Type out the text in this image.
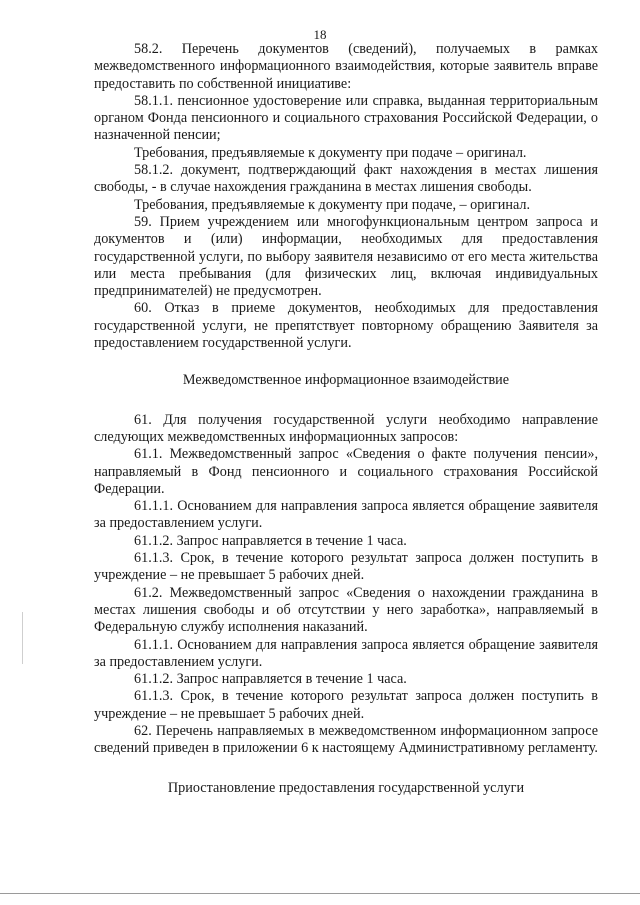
18

58.2. Перечень документов (сведений), получаемых в рамках межведомственного информационного взаимодействия, которые заявитель вправе предоставить по собственной инициативе:

58.1.1. пенсионное удостоверение или справка, выданная территориальным органом Фонда пенсионного и социального страхования Российской Федерации, о назначенной пенсии;

Требования, предъявляемые к документу при подаче – оригинал.

58.1.2. документ, подтверждающий факт нахождения в местах лишения свободы, - в случае нахождения гражданина в местах лишения свободы.

Требования, предъявляемые к документу при подаче, – оригинал.

59. Прием учреждением или многофункциональным центром запроса и документов и (или) информации, необходимых для предоставления государственной услуги, по выбору заявителя независимо от его места жительства или места пребывания (для физических лиц, включая индивидуальных предпринимателей) не предусмотрен.

60. Отказ в приеме документов, необходимых для предоставления государственной услуги, не препятствует повторному обращению Заявителя за предоставлением государственной услуги.

Межведомственное информационное взаимодействие

61. Для получения государственной услуги необходимо направление следующих межведомственных информационных запросов:

61.1. Межведомственный запрос «Сведения о факте получения пенсии», направляемый в Фонд пенсионного и социального страхования Российской Федерации.

61.1.1. Основанием для направления запроса является обращение заявителя за предоставлением услуги.

61.1.2. Запрос направляется в течение 1 часа.

61.1.3. Срок, в течение которого результат запроса должен поступить в учреждение – не превышает 5 рабочих дней.

61.2. Межведомственный запрос «Сведения о нахождении гражданина в местах лишения свободы и об отсутствии у него заработка», направляемый в Федеральную службу исполнения наказаний.

61.1.1. Основанием для направления запроса является обращение заявителя за предоставлением услуги.

61.1.2. Запрос направляется в течение 1 часа.

61.1.3. Срок, в течение которого результат запроса должен поступить в учреждение – не превышает 5 рабочих дней.

62. Перечень направляемых в межведомственном информационном запросе сведений приведен в приложении 6 к настоящему Административному регламенту.

Приостановление предоставления государственной услуги
